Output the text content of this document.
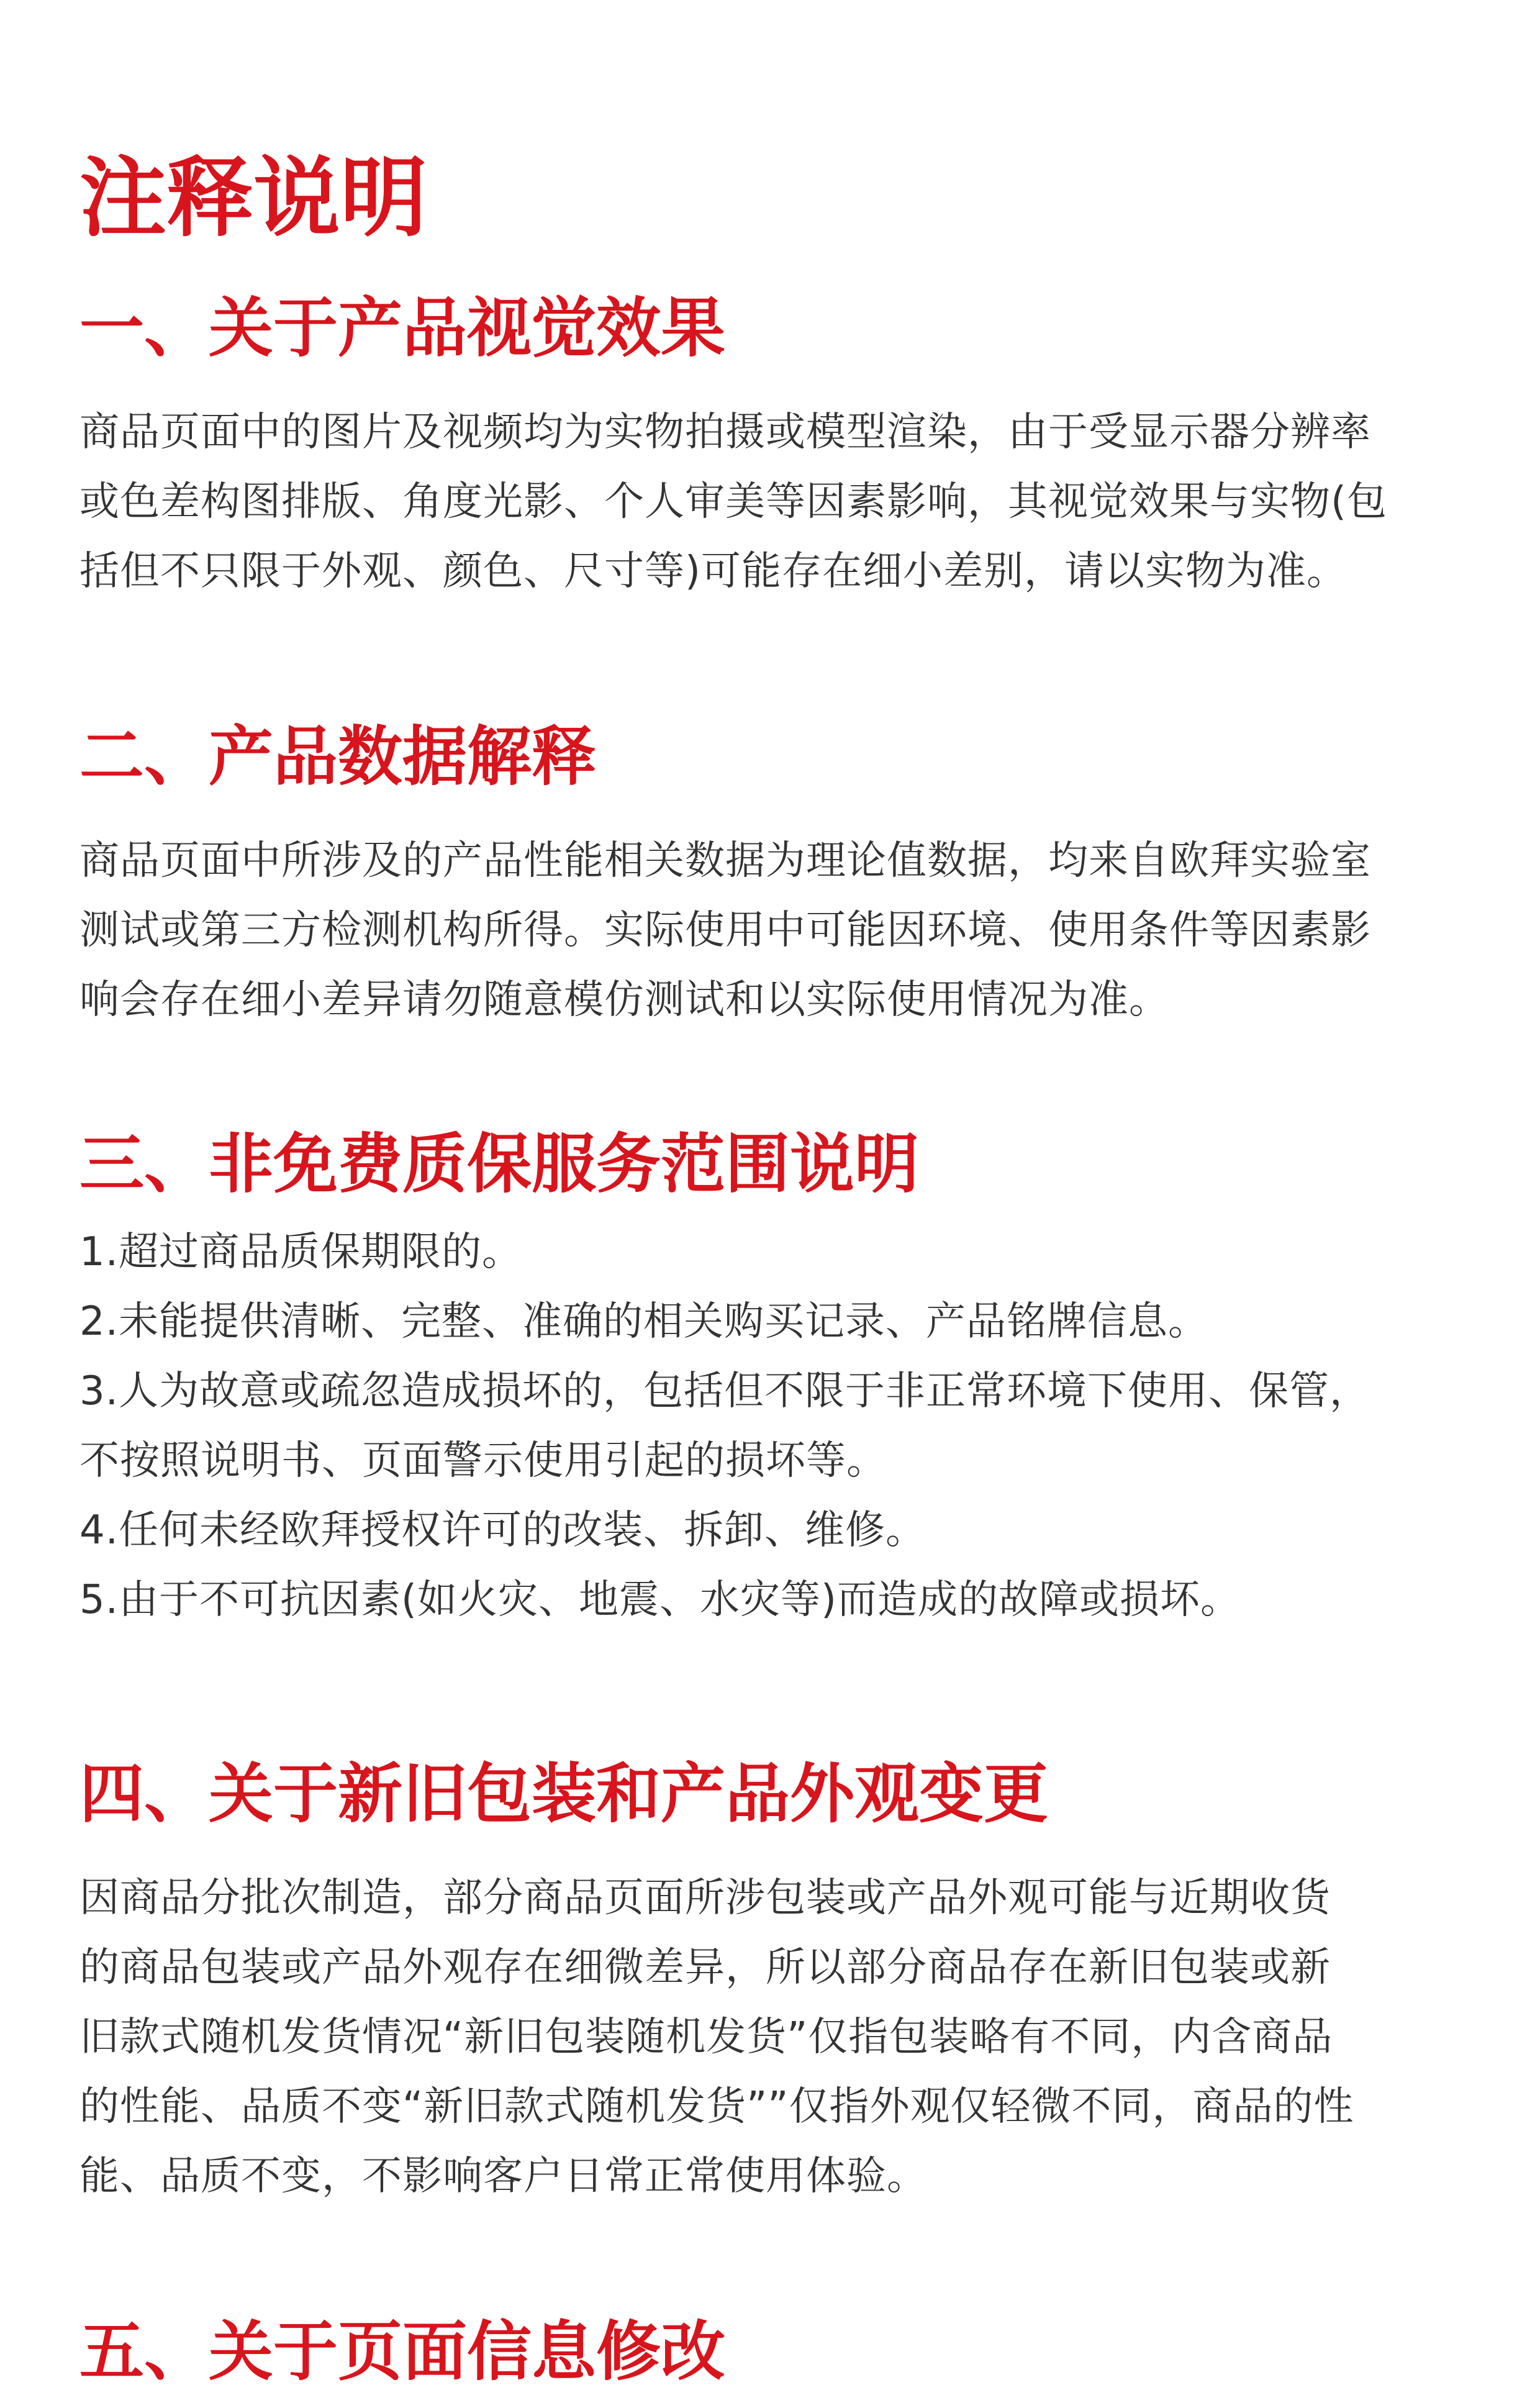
注释说明
一、关于产品视觉效果
商品页面中的图片及视频均为实物拍摄或模型渲染，由于受显示器分辨率
或色差构图排版、角度光影、个人审美等因素影响，其视觉效果与实物(包
括但不只限于外观、颜色、尺寸等)可能存在细小差别，请以实物为准。
二、产品数据解释
商品页面中所涉及的产品性能相关数据为理论值数据，均来自欧拜实验室
测试或第三方检测机构所得。实际使用中可能因环境、使用条件等因素影
响会存在细小差异请勿随意模仿测试和以实际使用情况为准。
三、非免费质保服务范围说明
1.超过商品质保期限的。
2.未能提供清晰、完整、准确的相关购买记录、产品铭牌信息。
3.人为故意或疏忽造成损坏的，包括但不限于非正常环境下使用、保管，
不按照说明书、页面警示使用引起的损坏等。
4.任何未经欧拜授权许可的改装、拆卸、维修。
5.由于不可抗因素(如火灾、地震、水灾等)而造成的故障或损坏。
四、关于新旧包装和产品外观变更
因商品分批次制造，部分商品页面所涉包装或产品外观可能与近期收货
的商品包装或产品外观存在细微差异，所以部分商品存在新旧包装或新
旧款式随机发货情况“新旧包装随机发货”仅指包装略有不同，内含商品
的性能、品质不变“新旧款式随机发货””仅指外观仅轻微不同，商品的性
能、品质不变，不影响客户日常正常使用体验。
五、关于页面信息修改
